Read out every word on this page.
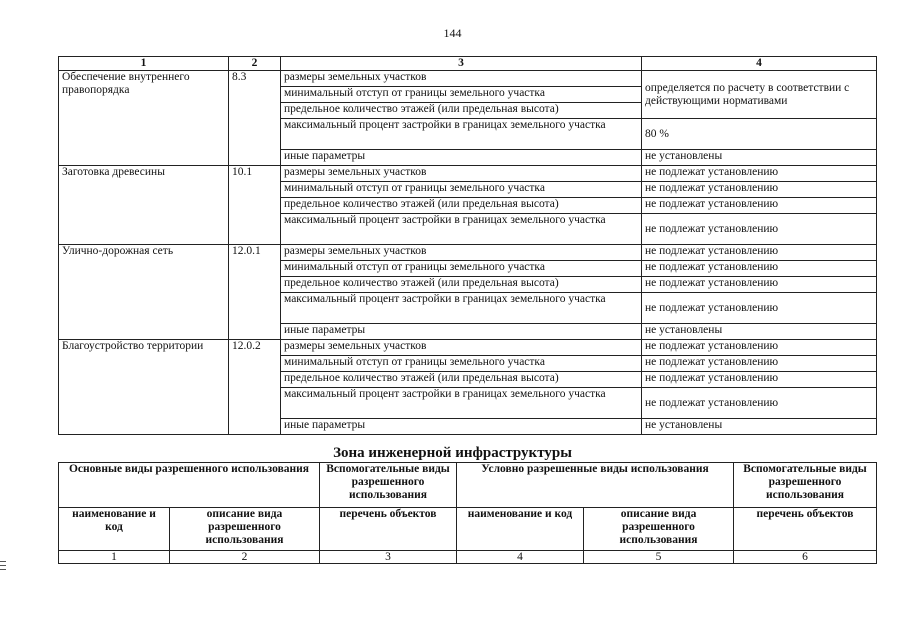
144
1	2	3	4
Обеспечение внутреннего правопорядка	8.3	размеры земельных участков	определяется по расчету в соответствии с действующими нормативами
		минимальный отступ от границы земельного участка	
		предельное количество этажей (или предельная высота)	
		максимальный процент застройки в границах земельного участка	80 %
		иные параметры	не установлены
Заготовка древесины	10.1	размеры земельных участков	не подлежат установлению
		минимальный отступ от границы земельного участка	не подлежат установлению
		предельное количество этажей (или предельная высота)	не подлежат установлению
		максимальный процент застройки в границах земельного участка	не подлежат установлению
Улично-дорожная сеть	12.0.1	размеры земельных участков	не подлежат установлению
		минимальный отступ от границы земельного участка	не подлежат установлению
		предельное количество этажей (или предельная высота)	не подлежат установлению
		максимальный процент застройки в границах земельного участка	не подлежат установлению
		иные параметры	не установлены
Благоустройство территории	12.0.2	размеры земельных участков	не подлежат установлению
		минимальный отступ от границы земельного участка	не подлежат установлению
		предельное количество этажей (или предельная высота)	не подлежат установлению
		максимальный процент застройки в границах земельного участка	не подлежат установлению
		иные параметры	не установлены
Зона инженерной инфраструктуры
Основные виды разрешенного использования		Вспомогательные виды разрешенного использования	Условно разрешенные виды использования		Вспомогательные виды разрешенного использования
наименование и код	описание вида разрешенного использования	перечень объектов	наименование и код	описание вида разрешенного использования	перечень объектов
1	2	3	4	5	6
